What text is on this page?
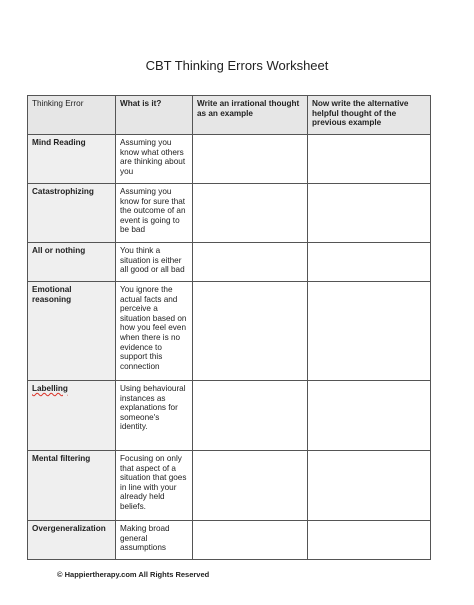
CBT Thinking Errors Worksheet
Thinking Error	What is it?	Write an irrational thought as an example	Now write the alternative helpful thought of the previous example
Mind Reading	Assuming you know what others are thinking about you		
Catastrophizing	Assuming you know for sure that the outcome of an event is going to be bad		
All or nothing	You think a situation is either all good or all bad		
Emotional reasoning	You ignore the actual facts and perceive a situation based on how you feel even when there is no evidence to support this connection		
Labelling	Using behavioural instances as explanations for someone's identity.		
Mental filtering	Focusing on only that aspect of a situation that goes in line with your already held beliefs.		
Overgeneralization	Making broad general assumptions		
© Happiertherapy.com All Rights Reserved
